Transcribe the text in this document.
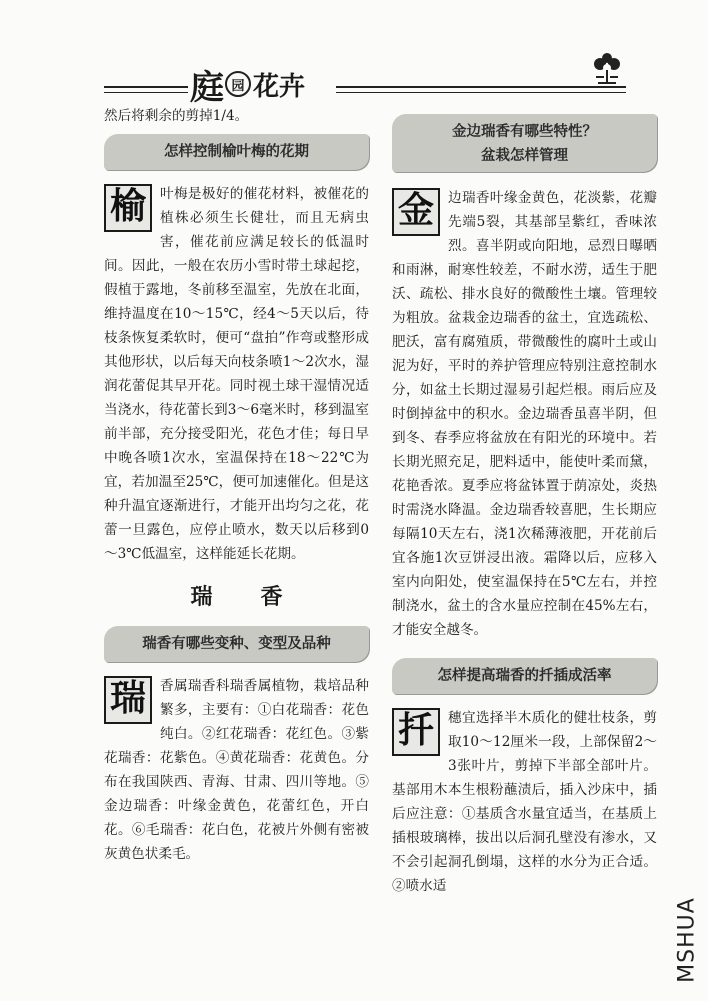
庭 园 花卉

然后将剩余的剪掉1/4。

怎样控制榆叶梅的花期

榆	叶梅是极好的催花材料，被催花的植株必须生长健壮，而且无病虫害，催花前应满足较长的低温时间。因此，一般在农历小雪时带土球起挖，假植于露地，冬前移至温室，先放在北面，维持温度在10～15℃，经4～5天以后，待枝条恢复柔软时，便可“盘拍”作弯或整形成其他形状，以后每天向枝条喷1～2次水，湿润花蕾促其早开花。同时视土球干湿情况适当浇水，待花蕾长到3～6毫米时，移到温室前半部，充分接受阳光，花色才佳；每日早中晚各喷1次水，室温保持在18～22℃为宜，若加温至25℃，便可加速催化。但是这种升温宜逐渐进行，才能开出均匀之花，花蕾一旦露色，应停止喷水，数天以后移到0～3℃低温室，这样能延长花期。

瑞香
瑞香有哪些变种、变型及品种

瑞	香属瑞香科瑞香属植物，栽培品种繁多，主要有：①白花瑞香：花色纯白。②红花瑞香：花红色。③紫花瑞香：花紫色。④黄花瑞香：花黄色。分布在我国陕西、青海、甘肃、四川等地。⑤金边瑞香：叶缘金黄色，花蕾红色，开白花。⑥毛瑞香：花白色，花被片外侧有密被灰黄色状柔毛。

金边瑞香有哪些特性？
盆栽怎样管理

金	边瑞香叶缘金黄色，花淡紫，花瓣先端5裂，其基部呈紫红，香味浓烈。喜半阴或向阳地，忌烈日曝晒和雨淋，耐寒性较差，不耐水涝，适生于肥沃、疏松、排水良好的微酸性土壤。管理较为粗放。盆栽金边瑞香的盆土，宜选疏松、肥沃，富有腐殖质，带微酸性的腐叶土或山泥为好，平时的养护管理应特别注意控制水分，如盆土长期过湿易引起烂根。雨后应及时倒掉盆中的积水。金边瑞香虽喜半阴，但到冬、春季应将盆放在有阳光的环境中。若长期光照充足，肥料适中，能使叶柔而黛，花艳香浓。夏季应将盆钵置于荫凉处，炎热时需浇水降温。金边瑞香较喜肥，生长期应每隔10天左右，浇1次稀薄液肥，开花前后宜各施1次豆饼浸出液。霜降以后，应移入室内向阳处，使室温保持在5℃左右，并控制浇水，盆土的含水量应控制在45%左右，才能安全越冬。

怎样提高瑞香的扦插成活率

扦	穗宜选择半木质化的健壮枝条，剪取10～12厘米一段，上部保留2～3张叶片，剪掉下半部全部叶片。基部用木本生根粉蘸渍后，插入沙床中，插后应注意：①基质含水量宜适当，在基质上插根玻璃棒，拔出以后洞孔壁没有渗水，又不会引起洞孔倒塌，这样的水分为正合适。②喷水适

MSHUA
